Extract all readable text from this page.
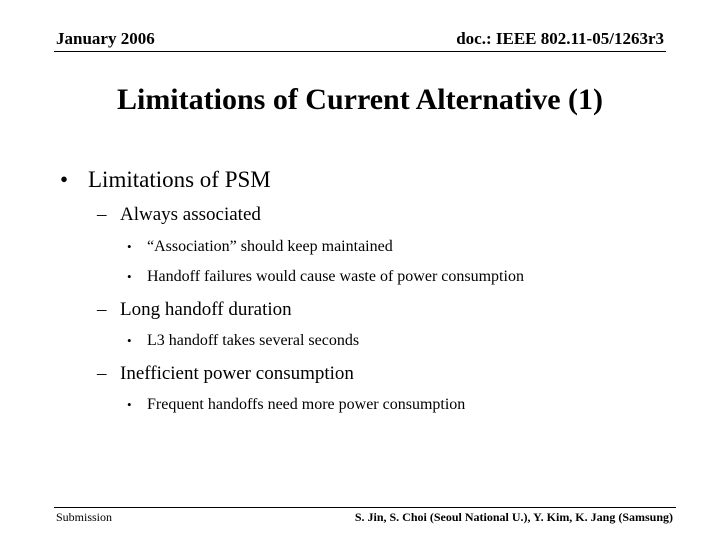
January 2006	doc.: IEEE 802.11-05/1263r3
Limitations of Current Alternative (1)
• Limitations of PSM
– Always associated
• “Association” should keep maintained
• Handoff failures would cause waste of power consumption
– Long handoff duration
• L3 handoff takes several seconds
– Inefficient power consumption
• Frequent handoffs need more power consumption
Submission	S. Jin, S. Choi (Seoul National U.), Y. Kim, K. Jang (Samsung)
